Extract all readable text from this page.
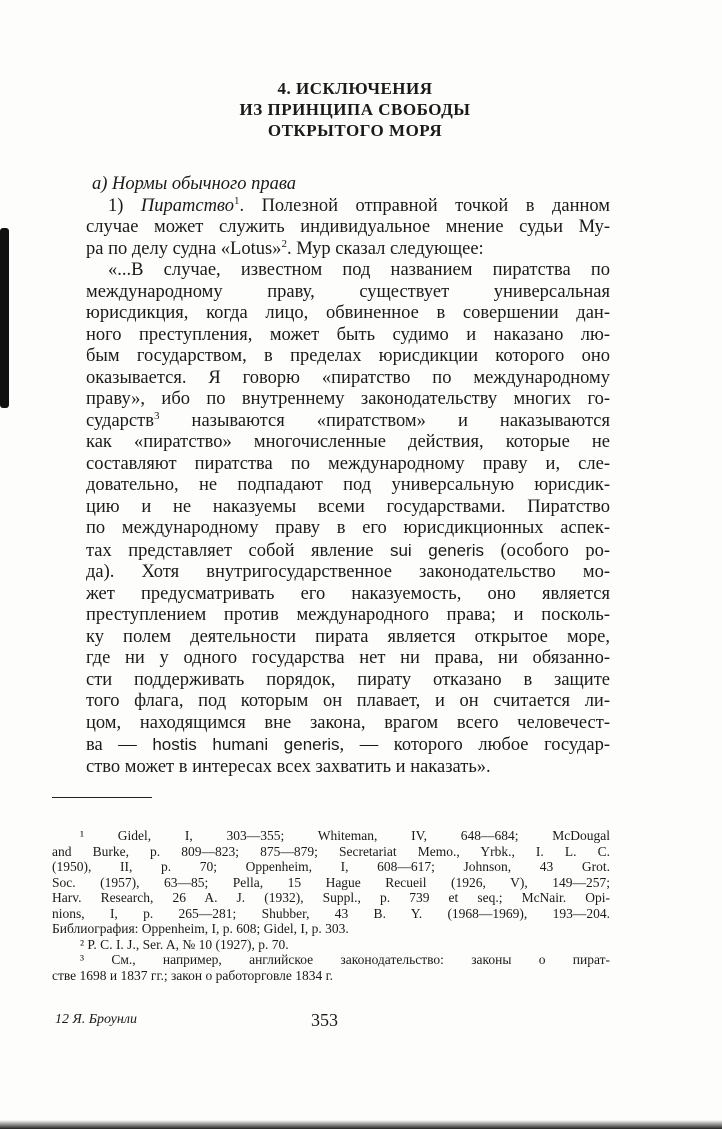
4. ИСКЛЮЧЕНИЯ
ИЗ ПРИНЦИПА СВОБОДЫ
ОТКРЫТОГО МОРЯ
а) Нормы обычного права
1) Пиратство$^1$. Полезной отправной точкой в данном
случае может служить индивидуальное мнение судьи Му-
ра по делу судна «Lotus»$^2$. Мур сказал следующее:
«...В случае, известном под названием пиратства по
международному праву, существует универсальная
юрисдикция, когда лицо, обвиненное в совершении дан-
ного преступления, может быть судимо и наказано лю-
бым государством, в пределах юрисдикции которого оно
оказывается. Я говорю «пиратство по международному
праву», ибо по внутреннему законодательству многих го-
сударств$^3$ называются «пиратством» и наказываются
как «пиратство» многочисленные действия, которые не
составляют пиратства по международному праву и, сле-
довательно, не подпадают под универсальную юрисдик-
цию и не наказуемы всеми государствами. Пиратство
по международному праву в его юрисдикционных аспек-
тах представляет собой явление sui generis (особого ро-
да). Хотя внутригосударственное законодательство мо-
жет предусматривать его наказуемость, оно является
преступлением против международного права; и посколь-
ку полем деятельности пирата является открытое море,
где ни у одного государства нет ни права, ни обязанно-
сти поддерживать порядок, пирату отказано в защите
того флага, под которым он плавает, и он считается ли-
цом, находящимся вне закона, врагом всего человечест-
ва — hostis humani generis, — которого любое государ-
ство может в интересах всех захватить и наказать».
¹ Gidel, I, 303—355; Whiteman, IV, 648—684; McDougal
and Burke, p. 809—823; 875—879; Secretariat Memo., Yrbk., I. L. C.
(1950), II, p. 70; Oppenheim, I, 608—617; Johnson, 43 Grot.
Soc. (1957), 63—85; Pella, 15 Hague Recueil (1926, V), 149—257;
Harv. Research, 26 A. J. (1932), Suppl., p. 739 et seq.; McNair. Opi-
nions, I, p. 265—281; Shubber, 43 B. Y. (1968—1969), 193—204.
Библиография: Oppenheim, I, p. 608; Gidel, I, p. 303.
² P. C. I. J., Ser. A, № 10 (1927), p. 70.
³ См., например, английское законодательство: законы о пират-
стве 1698 и 1837 гг.; закон о работорговле 1834 г.
12 Я. Броунли	353
